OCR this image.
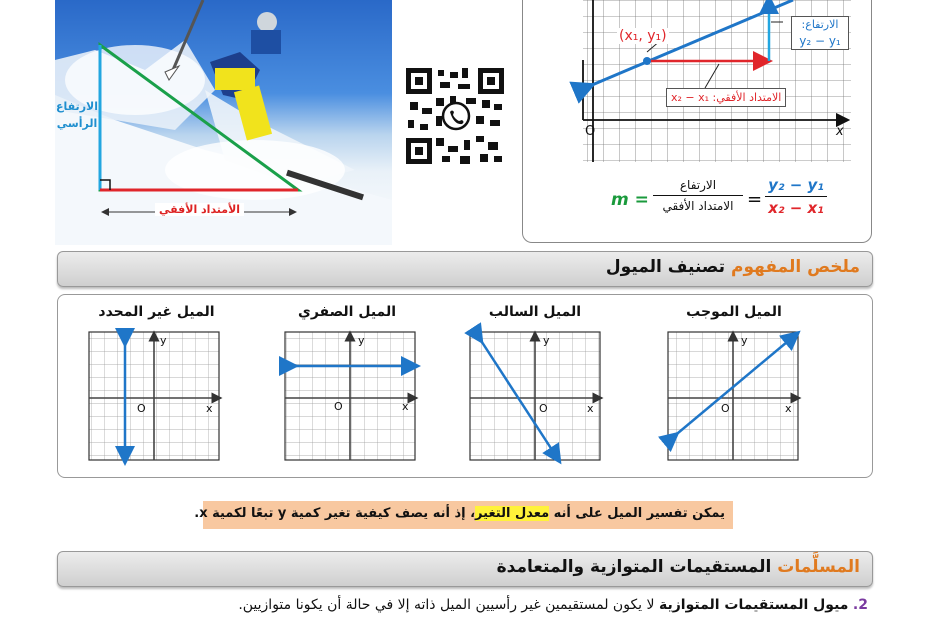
الارتفاع
الرأسي
الأمتداد الأفقي
(x₁, y₁)
الارتفاع:
y₂ − y₁
الامتداد الأفقي: x₂ − x₁
O	x
m =
الارتفاع
الامتداد الأفقي =
y₂ − y₁
x₂ − x₁
ملخص المفهوم تصنيف الميول
الميل الموجب
الميل السالب
الميل الصفري
الميل غير المحدد
y
x
O
y
x
O
y
x
O
y
x
O
يمكن تفسير الميل على أنه معدل التغير، إذ أنه يصف كيفية تغير كمية y تبعًا لكمية x.
المسلَّمات المستقيمات المتوازية والمتعامدة
2. ميول المستقيمات المتوازية لا يكون لمستقيمين غير رأسيين الميل ذاته إلا في حالة أن يكونا متوازيين.
